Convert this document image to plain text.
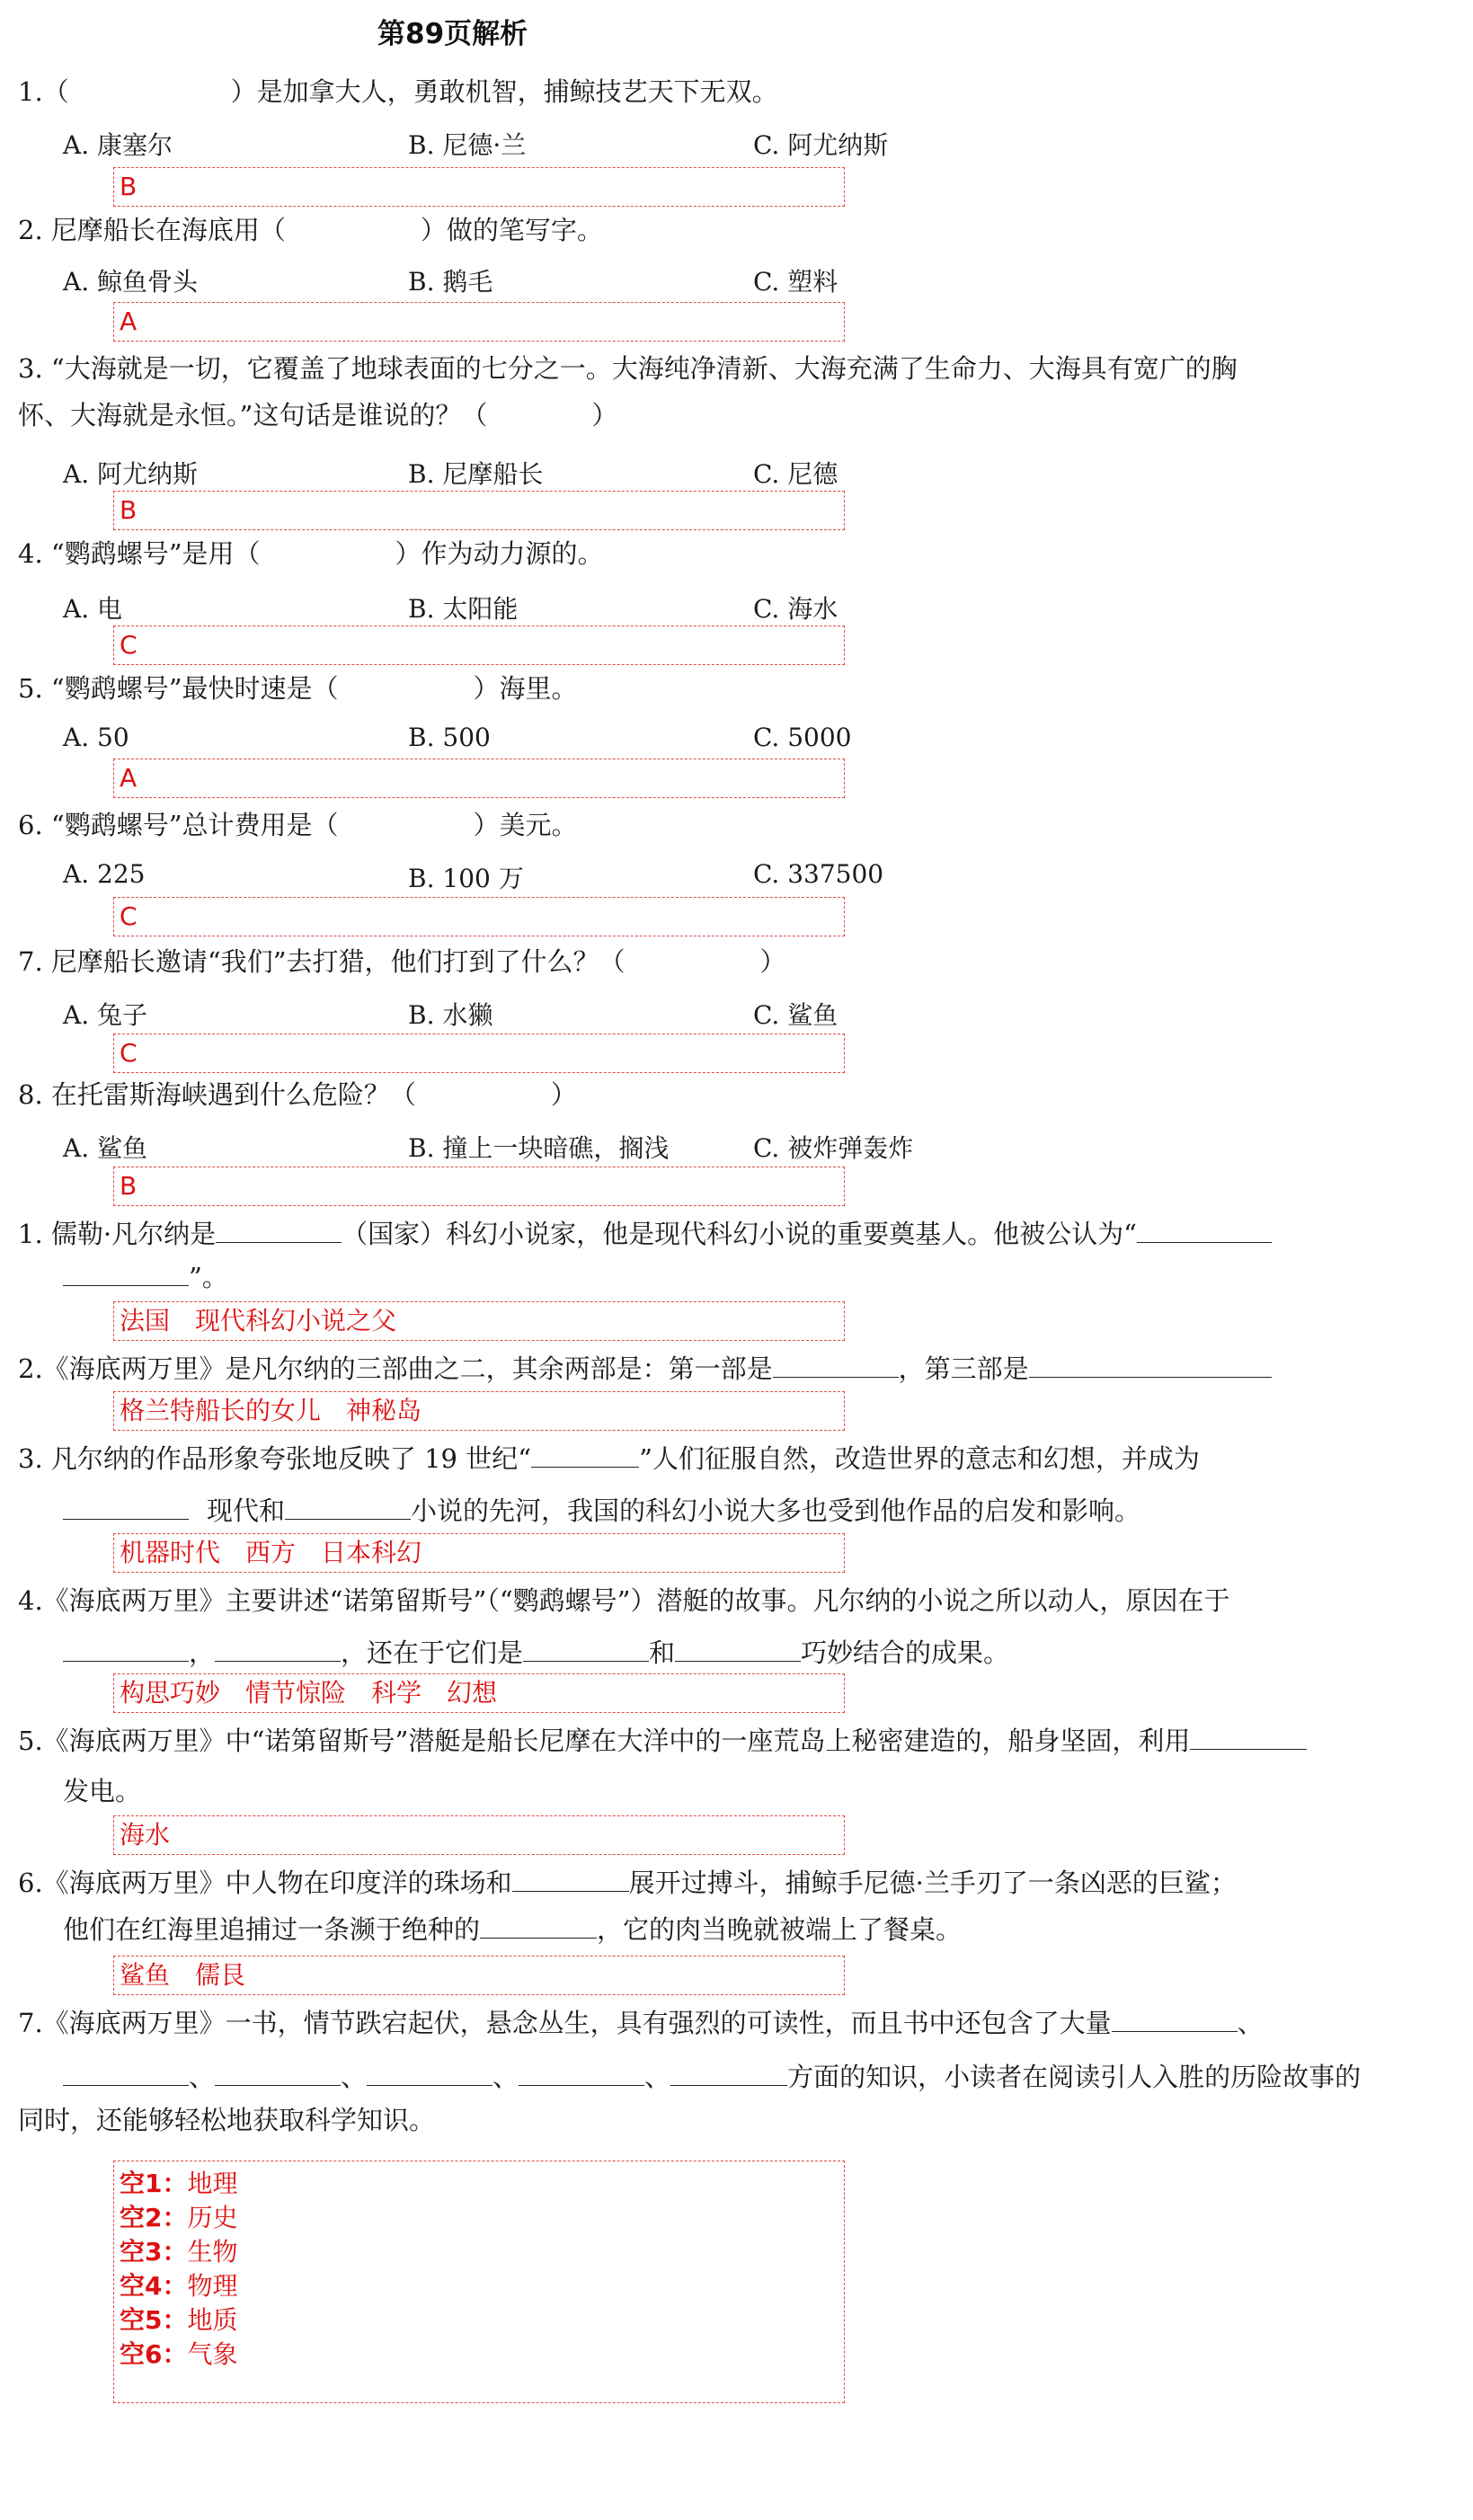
第89页解析
1.（	）是加拿大人，勇敢机智，捕鲸技艺天下无双。
A. 康塞尔	B. 尼德·兰	C. 阿尤纳斯
B
2. 尼摩船长在海底用（	）做的笔写字。
A. 鲸鱼骨头	B. 鹅毛	C. 塑料
A
3. “大海就是一切，它覆盖了地球表面的七分之一。大海纯净清新、大海充满了生命力、大海具有宽广的胸
怀、大海就是永恒。”这句话是谁说的？（　　　　）
A. 阿尤纳斯	B. 尼摩船长	C. 尼德
B
4. “鹦鹉螺号”是用（	）作为动力源的。
A. 电	B. 太阳能	C. 海水
C
5. “鹦鹉螺号”最快时速是（	）海里。
A. 50	B. 500	C. 5000
A
6. “鹦鹉螺号”总计费用是（	）美元。
A. 225	B. 100 万	C. 337500
C
7. 尼摩船长邀请“我们”去打猎，他们打到了什么？（	）
A. 兔子	B. 水獭	C. 鲨鱼
C
8. 在托雷斯海峡遇到什么危险？（	）
A. 鲨鱼	B. 撞上一块暗礁，搁浅	C. 被炸弹轰炸
B
1. 儒勒·凡尔纳是	（国家）科幻小说家，他是现代科幻小说的重要奠基人。他被公认为“
”。
法国　现代科幻小说之父
2.《海底两万里》是凡尔纳的三部曲之二，其余两部是：第一部是	，第三部是
格兰特船长的女儿　神秘岛
3. 凡尔纳的作品形象夸张地反映了 19 世纪“	”人们征服自然，改造世界的意志和幻想，并成为
现代和	小说的先河，我国的科幻小说大多也受到他作品的启发和影响。
机器时代　西方　日本科幻
4.《海底两万里》主要讲述“诺第留斯号”（“鹦鹉螺号”）潜艇的故事。凡尔纳的小说之所以动人，原因在于
，	，还在于它们是	和	巧妙结合的成果。
构思巧妙　情节惊险　科学　幻想
5.《海底两万里》中“诺第留斯号”潜艇是船长尼摩在大洋中的一座荒岛上秘密建造的，船身坚固，利用
发电。
海水
6.《海底两万里》中人物在印度洋的珠场和	展开过搏斗，捕鲸手尼德·兰手刃了一条凶恶的巨鲨；
他们在红海里追捕过一条濒于绝种的	，它的肉当晚就被端上了餐桌。
鲨鱼　儒艮
7.《海底两万里》一书，情节跌宕起伏，悬念丛生，具有强烈的可读性，而且书中还包含了大量	、
、	、	、	、	方面的知识，小读者在阅读引人入胜的历险故事的
同时，还能够轻松地获取科学知识。
空1：地理
空2：历史
空3：生物
空4：物理
空5：地质
空6：气象
